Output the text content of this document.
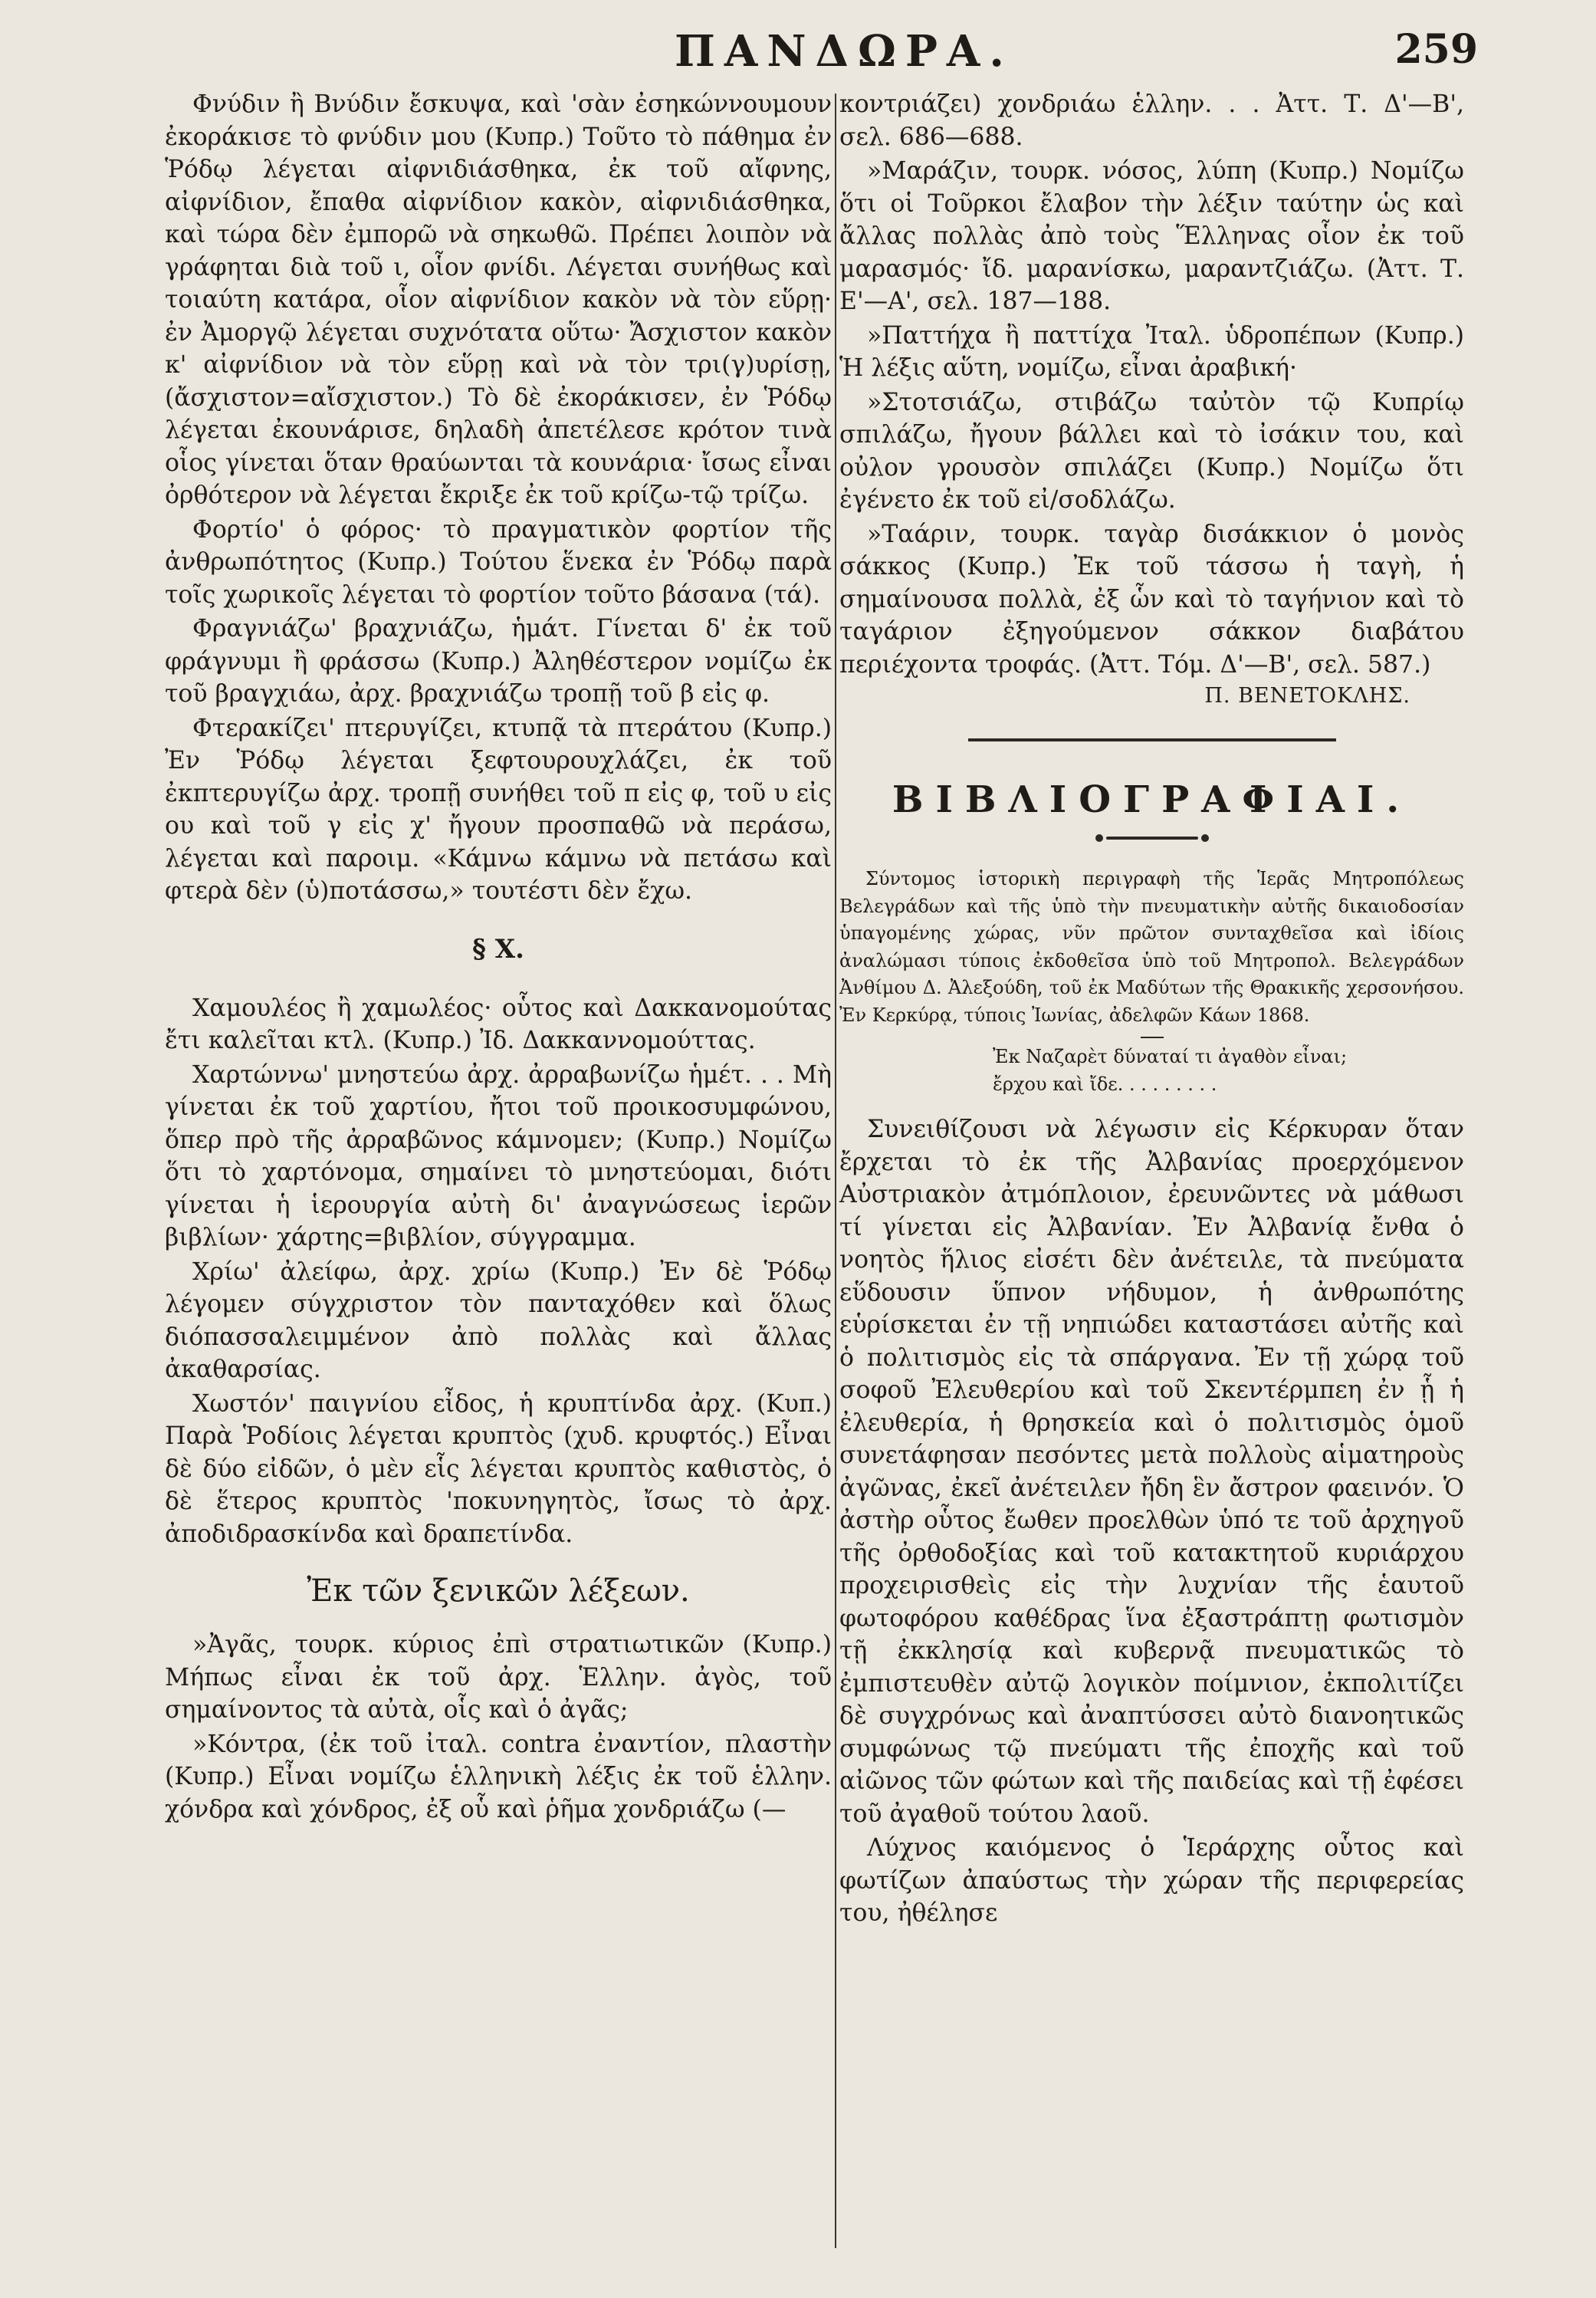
ΠΑΝΔΩΡΑ.	259

Φνύδιν ἢ Βνύδιν ἔσκυψα, καὶ 'σὰν ἐσηκώννουμουν ἐκοράκισε τὸ φνύδιν μου (Κυπρ.) Τοῦτο τὸ πάθημα ἐν Ῥόδῳ λέγεται αἰφνιδιάσθηκα, ἐκ τοῦ αἴφνης, αἰφνίδιον, ἔπαθα αἰφνίδιον κακὸν, αἰφνιδιάσθηκα, καὶ τώρα δὲν ἐμπορῶ νὰ σηκωθῶ. Πρέπει λοιπὸν νὰ γράφηται διὰ τοῦ ι, οἷον φνίδι. Λέγεται συνήθως καὶ τοιαύτη κατάρα, οἷον αἰφνίδιον κακὸν νὰ τὸν εὕρῃ· ἐν Ἀμοργῷ λέγεται συχνότατα οὕτω· Ἄσχιστον κακὸν κ' αἰφνίδιον νὰ τὸν εὕρῃ καὶ νὰ τὸν τρι(γ)υρίσῃ, (ἄσχιστον=αἴσχιστον.) Τὸ δὲ ἐκοράκισεν, ἐν Ῥόδῳ λέγεται ἐκουνάρισε, δηλαδὴ ἀπετέλεσε κρότον τινὰ οἷος γίνεται ὅταν θραύωνται τὰ κουνάρια· ἴσως εἶναι ὀρθότερον νὰ λέγεται ἔκριξε ἐκ τοῦ κρίζω-τῷ τρίζω.

Φορτίο' ὁ φόρος· τὸ πραγματικὸν φορτίον τῆς ἀνθρωπότητος (Κυπρ.) Τούτου ἕνεκα ἐν Ῥόδῳ παρὰ τοῖς χωρικοῖς λέγεται τὸ φορτίον τοῦτο βάσανα (τά).

Φραγνιάζω' βραχνιάζω, ἡμάτ. Γίνεται δ' ἐκ τοῦ φράγνυμι ἢ φράσσω (Κυπρ.) Ἀληθέστερον νομίζω ἐκ τοῦ βραγχιάω, ἀρχ. βραχνιάζω τροπῇ τοῦ β εἰς φ.

Φτερακίζει' πτερυγίζει, κτυπᾷ τὰ πτεράτου (Κυπρ.) Ἐν Ῥόδῳ λέγεται ξεφτουρουχλάζει, ἐκ τοῦ ἐκπτερυγίζω ἀρχ. τροπῇ συνήθει τοῦ π εἰς φ, τοῦ υ εἰς ου καὶ τοῦ γ εἰς χ' ἤγουν προσπαθῶ νὰ περάσω, λέγεται καὶ παροιμ. «Κάμνω κάμνω νὰ πετάσω καὶ φτερὰ δὲν (ὑ)ποτάσσω,» τουτέστι δὲν ἔχω.

§ Χ.

Χαμουλέος ἢ χαμωλέος· οὗτος καὶ Δακκανομούτας ἔτι καλεῖται κτλ. (Κυπρ.) Ἰδ. Δακκαννομούττας.

Χαρτώννω' μνηστεύω ἀρχ. ἀρραβωνίζω ἡμέτ. . . Μὴ γίνεται ἐκ τοῦ χαρτίου, ἤτοι τοῦ προικοσυμφώνου, ὅπερ πρὸ τῆς ἀρραβῶνος κάμνομεν; (Κυπρ.) Νομίζω ὅτι τὸ χαρτόνομα, σημαίνει τὸ μνηστεύομαι, διότι γίνεται ἡ ἱερουργία αὐτὴ δι' ἀναγνώσεως ἱερῶν βιβλίων· χάρτης=βιβλίον, σύγγραμμα.

Χρίω' ἀλείφω, ἀρχ. χρίω (Κυπρ.) Ἐν δὲ Ῥόδῳ λέγομεν σύγχριστον τὸν πανταχόθεν καὶ ὅλως διόπασσαλειμμένον ἀπὸ πολλὰς καὶ ἄλλας ἀκαθαρσίας.

Χωστόν' παιγνίου εἶδος, ἡ κρυπτίνδα ἀρχ. (Κυπ.) Παρὰ Ῥοδίοις λέγεται κρυπτὸς (χυδ. κρυφτός.) Εἶναι δὲ δύο εἰδῶν, ὁ μὲν εἷς λέγεται κρυπτὸς καθιστὸς, ὁ δὲ ἕτερος κρυπτὸς 'ποκυνηγητὸς, ἴσως τὸ ἀρχ. ἀποδιδρασκίνδα καὶ δραπετίνδα.

Ἐκ τῶν ξενικῶν λέξεων.

»Ἀγᾶς, τουρκ. κύριος ἐπὶ στρατιωτικῶν (Κυπρ.) Μήπως εἶναι ἐκ τοῦ ἀρχ. Ἑλλην. ἀγὸς, τοῦ σημαίνοντος τὰ αὐτὰ, οἷς καὶ ὁ ἀγᾶς;

»Κόντρα, (ἐκ τοῦ ἰταλ. contra ἐναντίον, πλαστὴν (Κυπρ.) Εἶναι νομίζω ἑλληνικὴ λέξις ἐκ τοῦ ἑλλην. χόνδρα καὶ χόνδρος, ἐξ οὗ καὶ ῥῆμα χονδριάζω (—

κοντριάζει) χονδριάω ἑλλην. . . Ἀττ. Τ. Δ'—Β', σελ. 686—688.

»Μαράζιν, τουρκ. νόσος, λύπη (Κυπρ.) Νομίζω ὅτι οἱ Τοῦρκοι ἔλαβον τὴν λέξιν ταύτην ὡς καὶ ἄλλας πολλὰς ἀπὸ τοὺς Ἕλληνας οἷον ἐκ τοῦ μαρασμός· ἴδ. μαρανίσκω, μαραντζιάζω. (Ἀττ. Τ. Ε'—Α', σελ. 187—188.

»Παττήχα ἢ παττίχα Ἰταλ. ὑδροπέπων (Κυπρ.) Ἡ λέξις αὕτη, νομίζω, εἶναι ἀραβική·

»Στοτσιάζω, στιβάζω ταὐτὸν τῷ Κυπρίῳ σπιλάζω, ἤγουν βάλλει καὶ τὸ ἰσάκιν του, καὶ οὐλον γρουσὸν σπιλάζει (Κυπρ.) Νομίζω ὅτι ἐγένετο ἐκ τοῦ εἰ/σοδλάζω.

»Ταάριν, τουρκ. ταγὰρ δισάκκιον ὁ μονὸς σάκκος (Κυπρ.) Ἐκ τοῦ τάσσω ἡ ταγὴ, ἡ σημαίνουσα πολλὰ, ἐξ ὧν καὶ τὸ ταγήνιον καὶ τὸ ταγάριον ἐξηγούμενον σάκκον διαβάτου περιέχοντα τροφάς. (Ἀττ. Τόμ. Δ'—Β', σελ. 587.)

Π. ΒΕΝΕΤΟΚΛΗΣ.
ΒΙΒΛΙΟΓΡΑΦΙΑΙ.

Σύντομος ἱστορικὴ περιγραφὴ τῆς Ἱερᾶς Μητροπόλεως Βελεγράδων καὶ τῆς ὑπὸ τὴν πνευματικὴν αὐτῆς δικαιοδοσίαν ὑπαγομένης χώρας, νῦν πρῶτον συνταχθεῖσα καὶ ἰδίοις ἀναλώμασι τύποις ἐκδοθεῖσα ὑπὸ τοῦ Μητροπολ. Βελεγράδων Ἀνθίμου Δ. Ἀλεξούδη, τοῦ ἐκ Μαδύτων τῆς Θρακικῆς χερσονήσου. Ἐν Κερκύρᾳ, τύποις Ἰωνίας, ἀδελφῶν Κάων 1868.

Ἐκ Ναζαρὲτ δύναταί τι ἀγαθὸν εἶναι;
ἔρχου καὶ ἴδε. . . . . . . . .

Συνειθίζουσι νὰ λέγωσιν εἰς Κέρκυραν ὅταν ἔρχεται τὸ ἐκ τῆς Ἀλβανίας προερχόμενον Αὐστριακὸν ἀτμόπλοιον, ἐρευνῶντες νὰ μάθωσι τί γίνεται εἰς Ἀλβανίαν. Ἐν Ἀλβανίᾳ ἔνθα ὁ νοητὸς ἥλιος εἰσέτι δὲν ἀνέτειλε, τὰ πνεύματα εὕδουσιν ὕπνον νήδυμον, ἡ ἀνθρωπότης εὑρίσκεται ἐν τῇ νηπιώδει καταστάσει αὐτῆς καὶ ὁ πολιτισμὸς εἰς τὰ σπάργανα. Ἐν τῇ χώρᾳ τοῦ σοφοῦ Ἐλευθερίου καὶ τοῦ Σκεντέρμπεη ἐν ᾗ ἡ ἐλευθερία, ἡ θρησκεία καὶ ὁ πολιτισμὸς ὁμοῦ συνετάφησαν πεσόντες μετὰ πολλοὺς αἱματηροὺς ἀγῶνας, ἐκεῖ ἀνέτειλεν ἤδη ἓν ἄστρον φαεινόν. Ὁ ἀστὴρ οὗτος ἔωθεν προελθὼν ὑπό τε τοῦ ἀρχηγοῦ τῆς ὀρθοδοξίας καὶ τοῦ κατακτητοῦ κυριάρχου προχειρισθεὶς εἰς τὴν λυχνίαν τῆς ἑαυτοῦ φωτοφόρου καθέδρας ἵνα ἐξαστράπτῃ φωτισμὸν τῇ ἐκκλησίᾳ καὶ κυβερνᾷ πνευματικῶς τὸ ἐμπιστευθὲν αὐτῷ λογικὸν ποίμνιον, ἐκπολιτίζει δὲ συγχρόνως καὶ ἀναπτύσσει αὐτὸ διανοητικῶς συμφώνως τῷ πνεύματι τῆς ἐποχῆς καὶ τοῦ αἰῶνος τῶν φώτων καὶ τῆς παιδείας καὶ τῇ ἐφέσει τοῦ ἀγαθοῦ τούτου λαοῦ.

Λύχνος καιόμενος ὁ Ἱεράρχης οὗτος καὶ φωτίζων ἀπαύστως τὴν χώραν τῆς περιφερείας του, ἠθέλησε
